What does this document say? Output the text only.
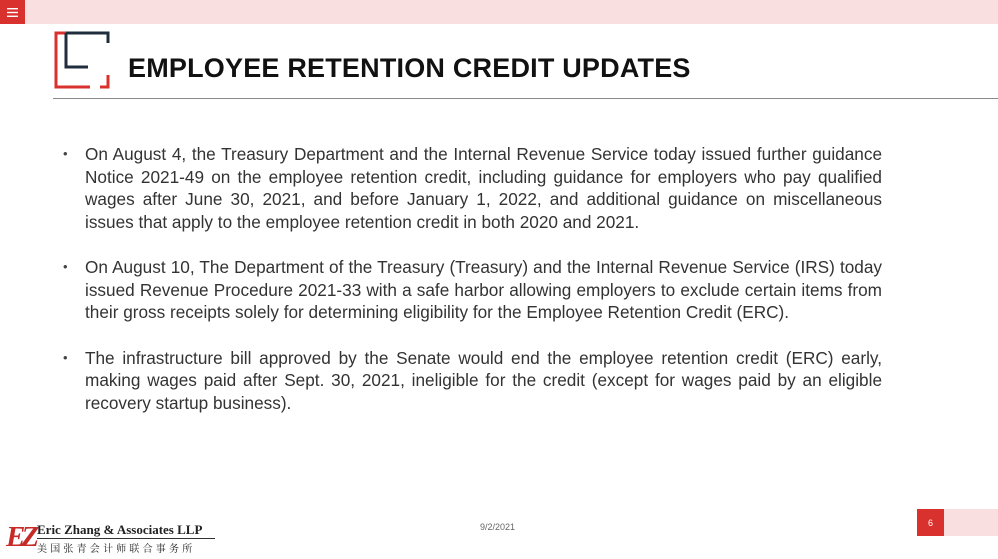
EMPLOYEE RETENTION CREDIT UPDATES
• On August 4, the Treasury Department and the Internal Revenue Service today issued further guidance Notice 2021-49 on the employee retention credit, including guidance for employers who pay qualified wages after June 30, 2021, and before January 1, 2022, and additional guidance on miscellaneous issues that apply to the employee retention credit in both 2020 and 2021.
• On August 10, The Department of the Treasury (Treasury) and the Internal Revenue Service (IRS) today issued Revenue Procedure 2021-33 with a safe harbor allowing employers to exclude certain items from their gross receipts solely for determining eligibility for the Employee Retention Credit (ERC).
• The infrastructure bill approved by the Senate would end the employee retention credit (ERC) early, making wages paid after Sept. 30, 2021, ineligible for the credit (except for wages paid by an eligible recovery startup business).
EZ Eric Zhang & Associates LLP
美国张青会计师联合事务所
9/2/2021	6
